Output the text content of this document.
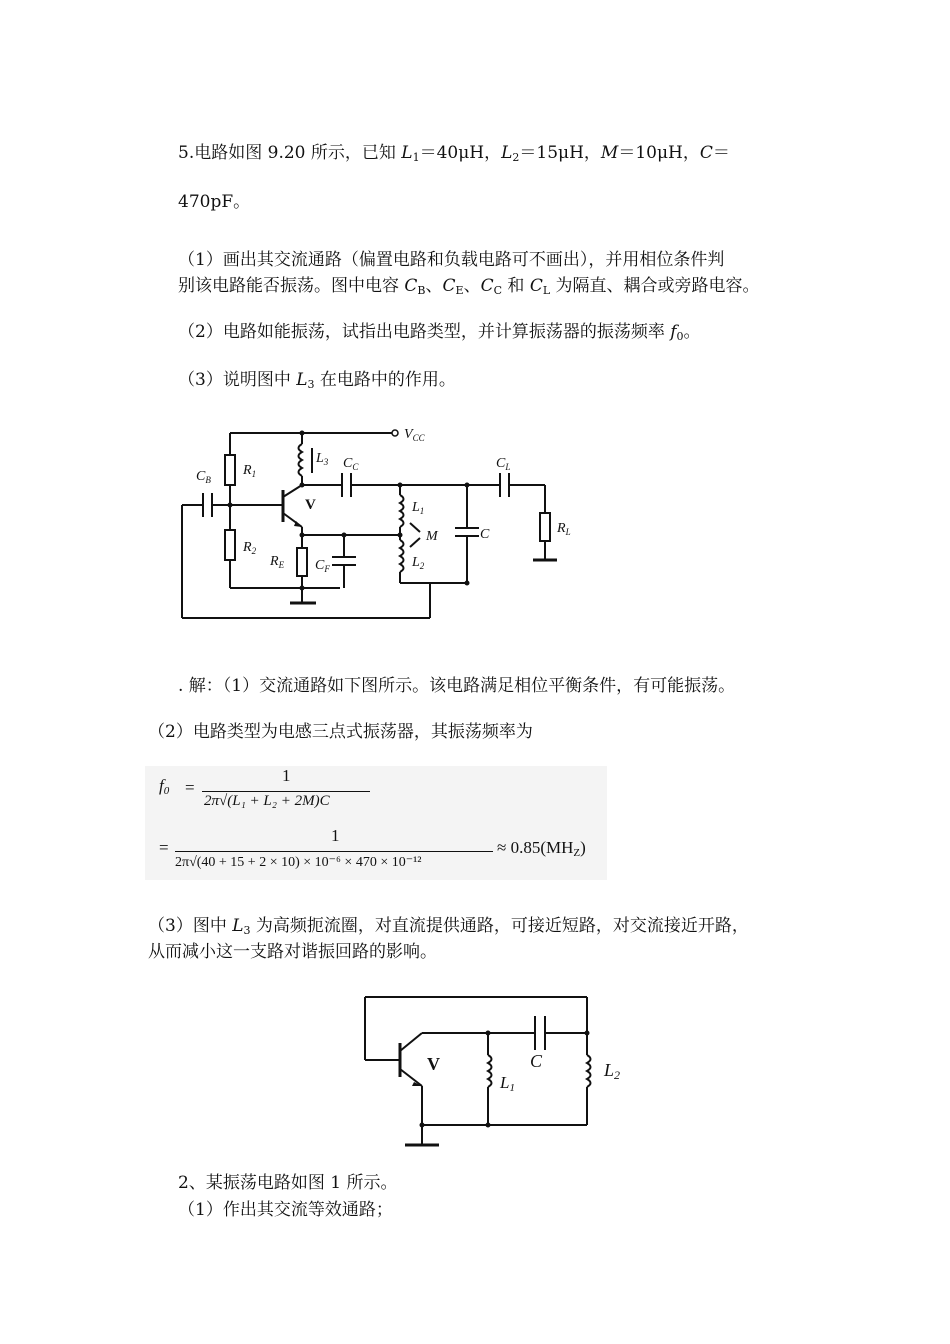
5.电路如图 9.20 所示，已知 $L_1=40\mu H$，$L_2=15\mu H$，M＝10μH，C＝
470pF。
（1）画出其交流通路（偏置电路和负载电路可不画出），并用相位条件判
别该电路能否振荡。图中电容 $C_B$、$C_E$、$C_C$ 和 $C_L$ 为隔直、耦合或旁路电容。
（2）电路如能振荡，试指出电路类型，并计算振荡器的振荡频率 $f_0$。
（3）说明图中 $L_3$ 在电路中的作用。
$V_{CC}$
$R_1$
$R_2$
$R_E$
$C_B$
$C_C$
$C_F$
$C_L$
$R_L$
$L_1$
$L_2$
$L_3$
M	C
V
. 解：（1）交流通路如下图所示。该电路满足相位平衡条件，有可能振荡。
（2）电路类型为电感三点式振荡器，其振荡频率为
$f_0$ =
1
2π√(L₁ + L₂ + 2M)C
=
1
2π√(40 + 15 + 2 × 10) × 10⁻⁶ × 470 × 10⁻¹²
≈ $0.85(MH_Z)$
（3）图中 $L_3$ 为高频扼流圈，对直流提供通路，可接近短路，对交流接近开路，
从而减小这一支路对谐振回路的影响。
V	C
L1
L2
2、某振荡电路如图 1 所示。
（1）作出其交流等效通路；
